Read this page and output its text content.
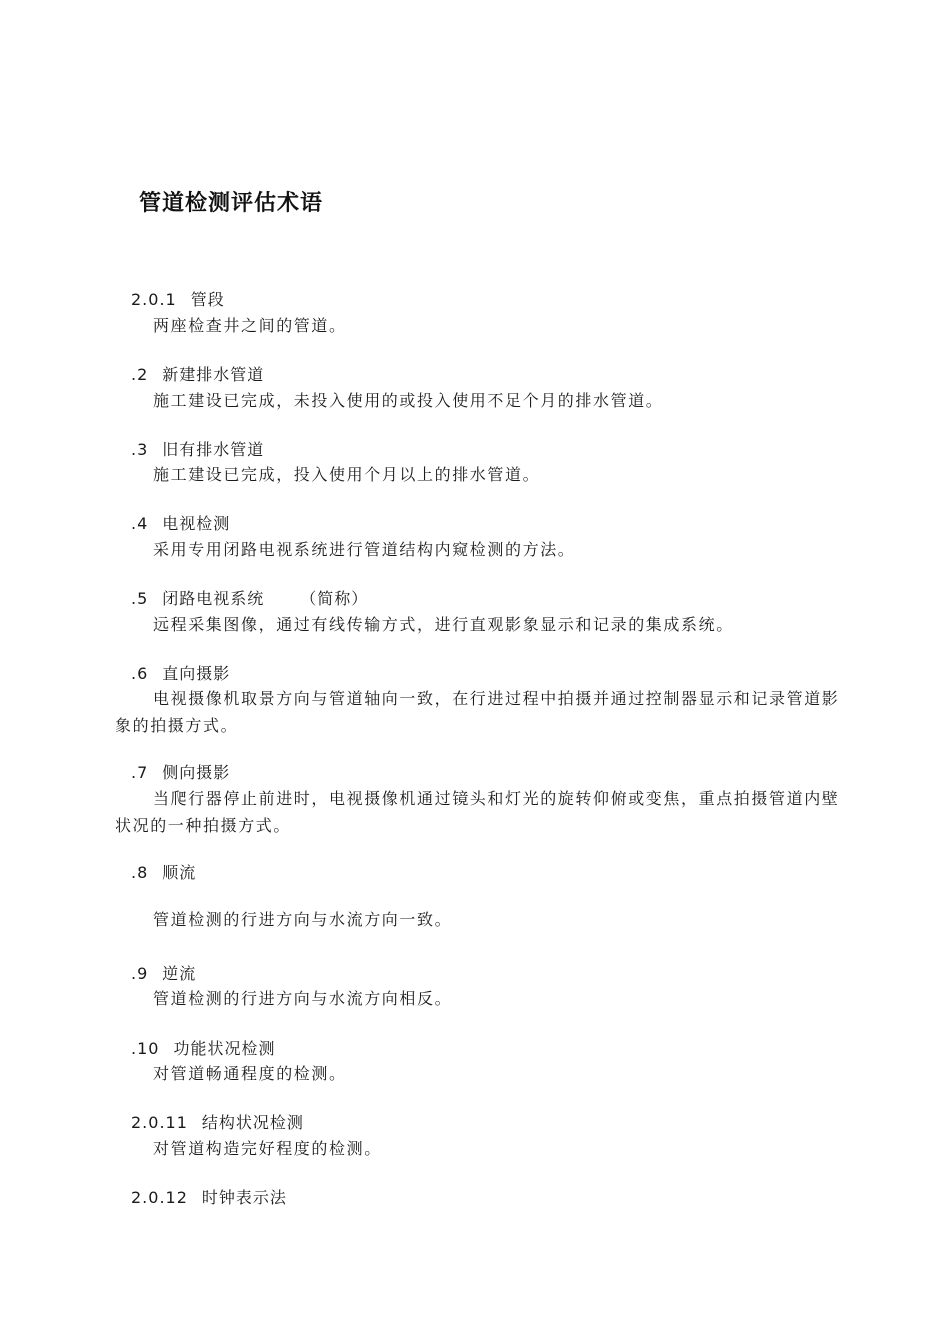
管道检测评估术语
2.0.1 管段

两座检查井之间的管道。

.2 新建排水管道

施工建设已完成，未投入使用的或投入使用不足个月的排水管道。

.3 旧有排水管道

施工建设已完成，投入使用个月以上的排水管道。

.4 电视检测

采用专用闭路电视系统进行管道结构内窥检测的方法。

.5 闭路电视系统 （简称）

远程采集图像，通过有线传输方式，进行直观影象显示和记录的集成系统。

.6 直向摄影

电视摄像机取景方向与管道轴向一致，在行进过程中拍摄并通过控制器显示和记录管道影象的拍摄方式。

.7 侧向摄影

当爬行器停止前进时，电视摄像机通过镜头和灯光的旋转仰俯或变焦，重点拍摄管道内壁状况的一种拍摄方式。

.8 顺流

管道检测的行进方向与水流方向一致。

.9 逆流

管道检测的行进方向与水流方向相反。

.10 功能状况检测

对管道畅通程度的检测。

2.0.11 结构状况检测

对管道构造完好程度的检测。

2.0.12 时钟表示法
